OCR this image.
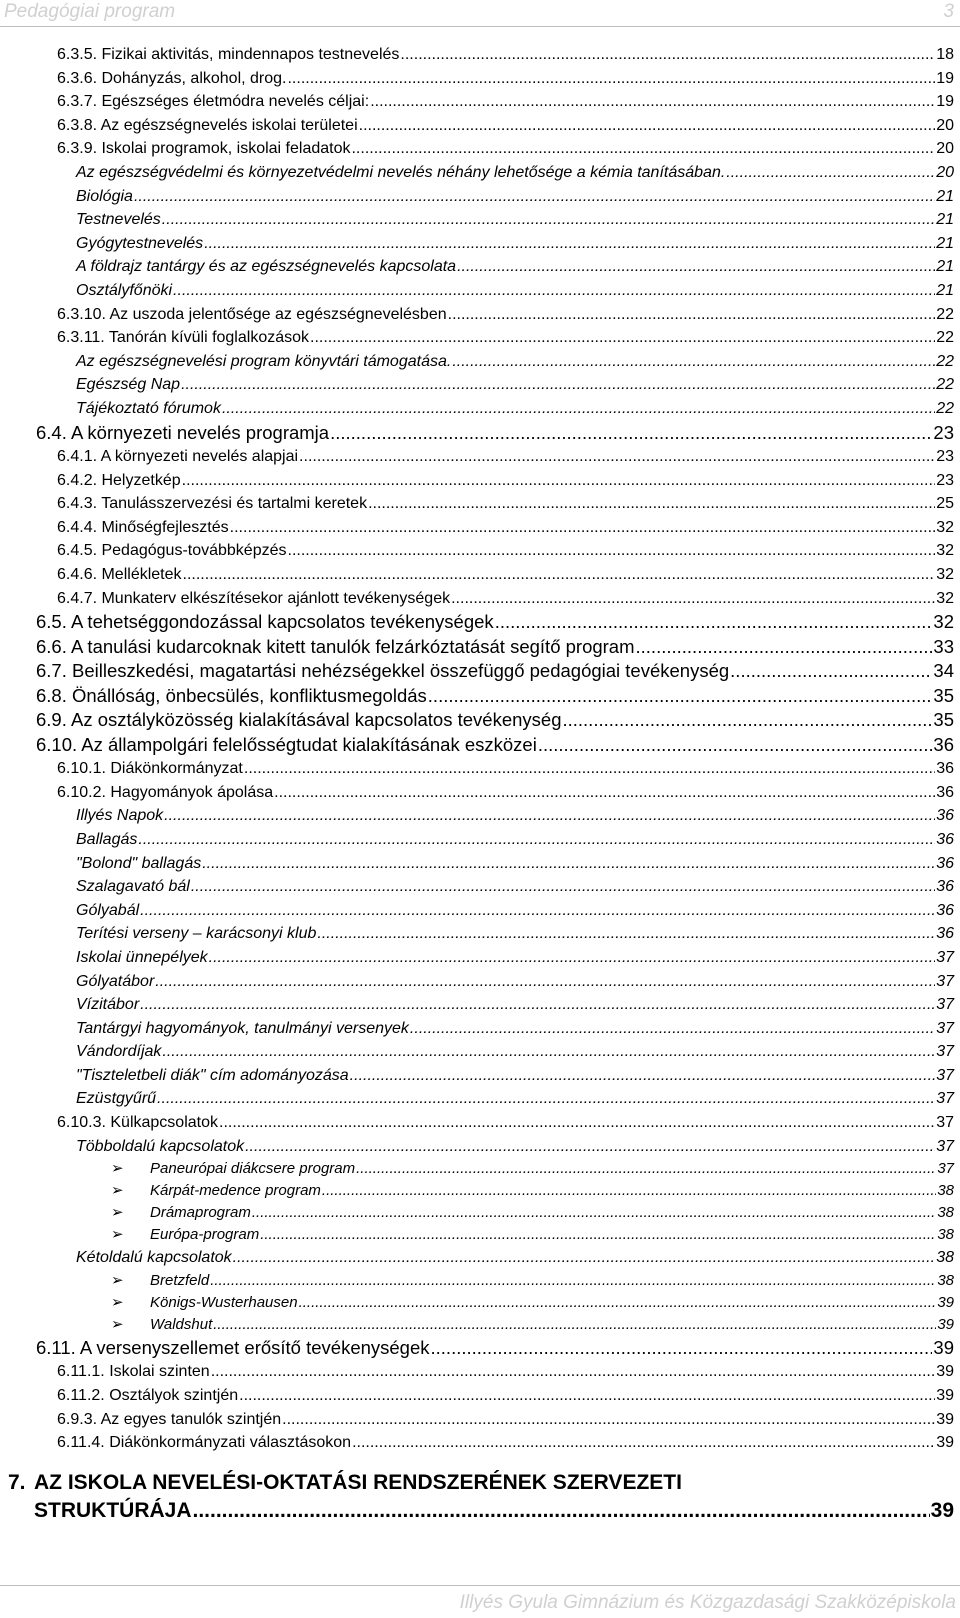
Pedagógiai program	3
6.3.5. Fizikai aktivitás, mindennapos testnevelés .....	18
6.3.6. Dohányzás, alkohol, drog. .....	19
6.3.7. Egészséges életmódra nevelés céljai: .....	19
6.3.8. Az egészségnevelés iskolai területei .....	20
6.3.9. Iskolai programok, iskolai feladatok .....	20
Az egészségvédelmi és környezetvédelmi nevelés néhány lehetősége a kémia tanításában. .....	20
Biológia .....	21
Testnevelés .....	21
Gyógytestnevelés .....	21
A földrajz tantárgy és az egészségnevelés kapcsolata .....	21
Osztályfőnöki .....	21
6.3.10. Az uszoda jelentősége az egészségnevelésben .....	22
6.3.11. Tanórán kívüli foglalkozások .....	22
Az egészségnevelési program könyvtári támogatása. .....	22
Egészség Nap .....	22
Tájékoztató fórumok .....	22
6.4. A környezeti nevelés programja .....	23
6.4.1. A környezeti nevelés alapjai .....	23
6.4.2. Helyzetkép .....	23
6.4.3. Tanulásszervezési és tartalmi keretek .....	25
6.4.4. Minőségfejlesztés .....	32
6.4.5. Pedagógus-továbbképzés .....	32
6.4.6. Mellékletek .....	32
6.4.7. Munkaterv elkészítésekor ajánlott tevékenységek .....	32
6.5. A tehetséggondozással kapcsolatos tevékenységek .....	32
6.6. A tanulási kudarcoknak kitett tanulók felzárkóztatását segítő program .....	33
6.7. Beilleszkedési, magatartási nehézségekkel összefüggő pedagógiai tevékenység .....	34
6.8. Önállóság, önbecsülés, konfliktusmegoldás .....	35
6.9. Az osztályközösség kialakításával kapcsolatos tevékenység .....	35
6.10. Az állampolgári felelősségtudat kialakításának eszközei .....	36
6.10.1. Diákönkormányzat .....	36
6.10.2. Hagyományok ápolása .....	36
Illyés Napok .....	36
Ballagás .....	36
"Bolond" ballagás .....	36
Szalagavató bál .....	36
Gólyabál .....	36
Terítési verseny – karácsonyi klub .....	36
Iskolai ünnepélyek .....	37
Gólyatábor .....	37
Vízitábor .....	37
Tantárgyi hagyományok, tanulmányi versenyek .....	37
Vándordíjak .....	37
"Tiszteletbeli diák" cím adományozása .....	37
Ezüstgyűrű .....	37
6.10.3. Külkapcsolatok .....	37
Többoldalú kapcsolatok .....	37
➢ Paneurópai diákcsere program .....	37
➢ Kárpát-medence program .....	38
➢ Drámaprogram .....	38
➢ Európa-program .....	38
Kétoldalú kapcsolatok .....	38
➢ Bretzfeld .....	38
➢ Königs-Wusterhausen .....	39
➢ Waldshut .....	39
6.11. A versenyszellemet erősítő tevékenységek .....	39
6.11.1. Iskolai szinten .....	39
6.11.2. Osztályok szintjén .....	39
6.9.3. Az egyes tanulók szintjén .....	39
6.11.4. Diákönkormányzati választásokon .....	39
7. AZ ISKOLA NEVELÉSI-OKTATÁSI RENDSZERÉNEK SZERVEZETI
STRUKTÚRÁJA .....	39
Illyés Gyula Gimnázium és Közgazdasági Szakközépiskola
